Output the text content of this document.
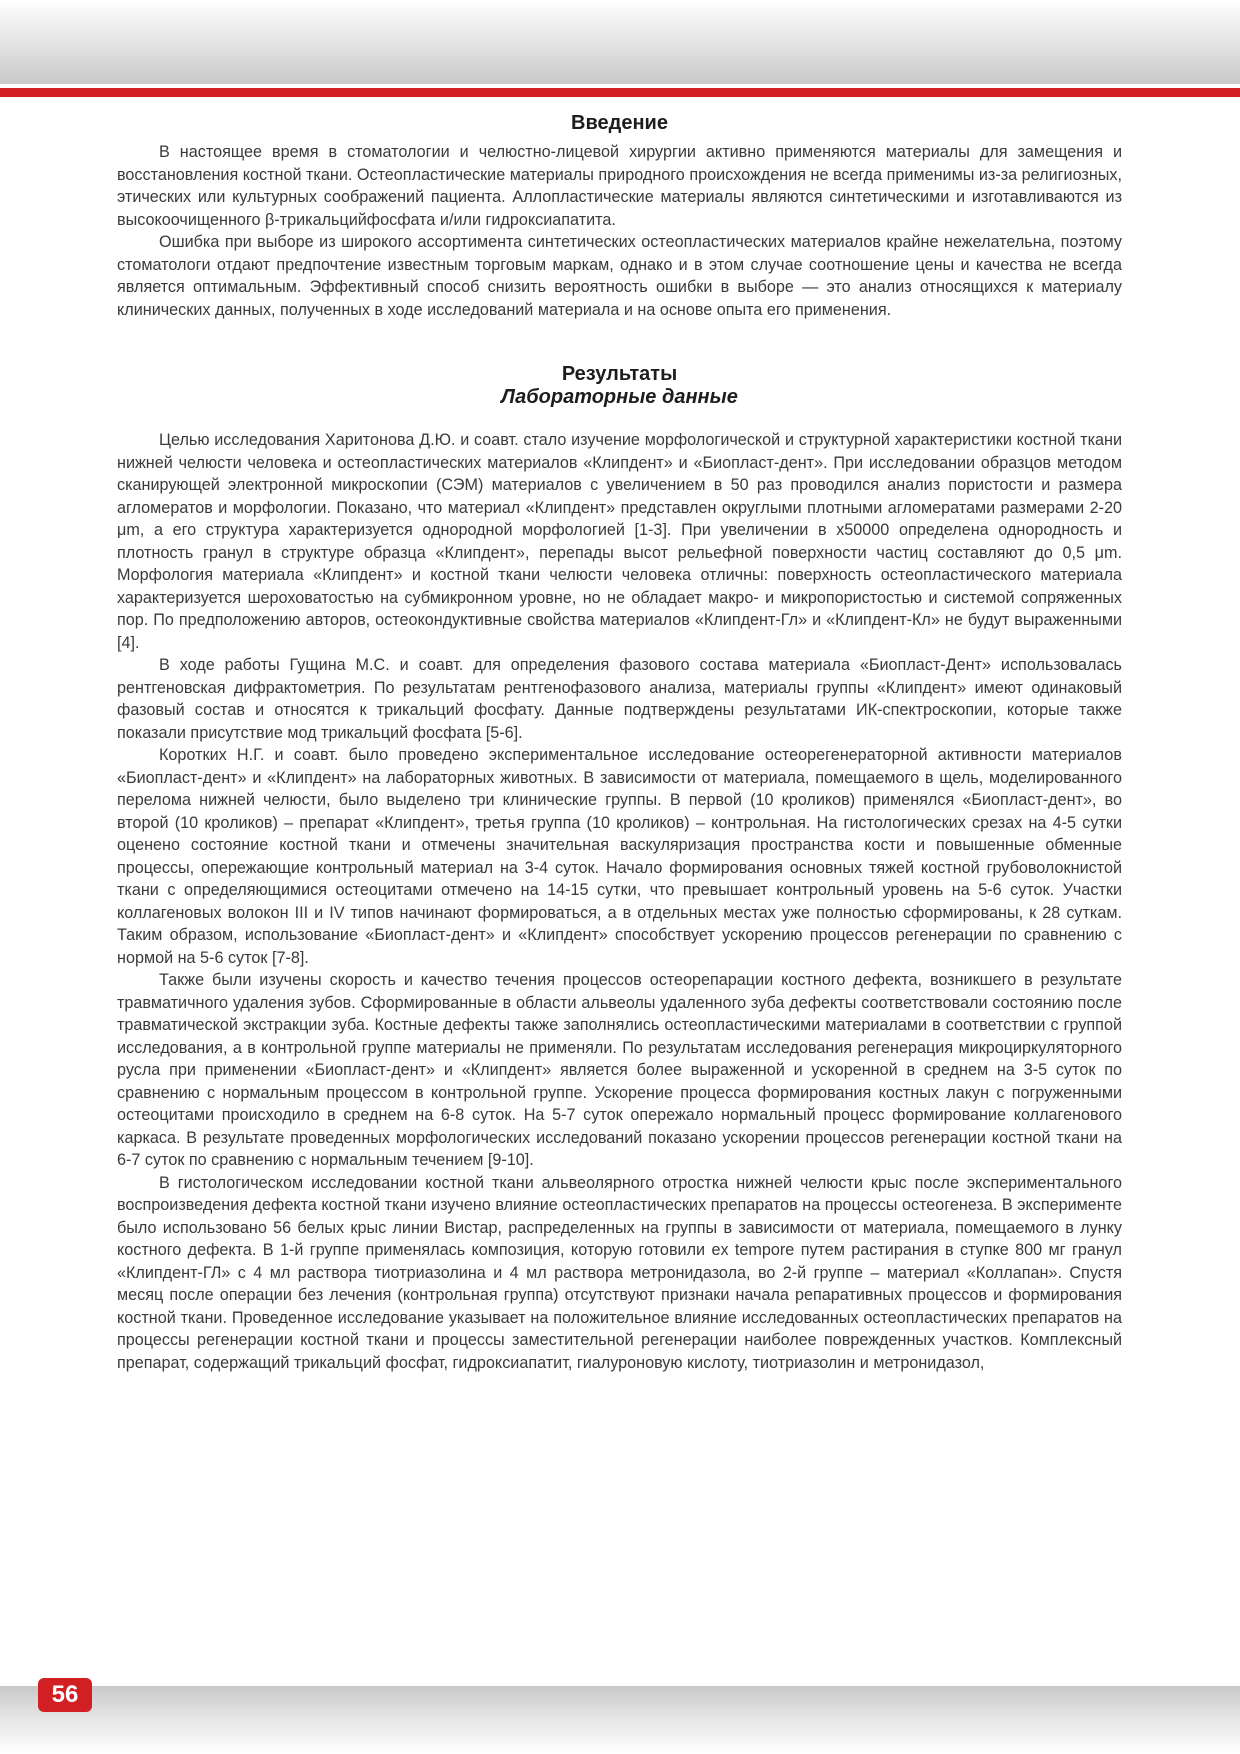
Введение

В настоящее время в стоматологии и челюстно-лицевой хирургии активно применяются материалы для замещения и восстановления костной ткани. Остеопластические материалы природного происхождения не всегда применимы из-за религиозных, этических или культурных соображений пациента. Аллопластические материалы являются синтетическими и изготавливаются из высокоочищенного β-трикальцийфосфата и/или гидроксиапатита.

Ошибка при выборе из широкого ассортимента синтетических остеопластических материалов крайне нежелательна, поэтому стоматологи отдают предпочтение известным торговым маркам, однако и в этом случае соотношение цены и качества не всегда является оптимальным. Эффективный способ снизить вероятность ошибки в выборе — это анализ относящихся к материалу клинических данных, полученных в ходе исследований материала и на основе опыта его применения.

Результаты
Лабораторные данные

Целью исследования Харитонова Д.Ю. и соавт. стало изучение морфологической и структурной характеристики костной ткани нижней челюсти человека и остеопластических материалов «Клипдент» и «Биопласт-дент». При исследовании образцов методом сканирующей электронной микроскопии (СЭМ) материалов с увеличением в 50 раз проводился анализ пористости и размера агломератов и морфологии. Показано, что материал «Клипдент» представлен округлыми плотными агломератами размерами 2-20 μm, а его структура характеризуется однородной морфологией [1-3]. При увеличении в х50000 определена однородность и плотность гранул в структуре образца «Клипдент», перепады высот рельефной поверхности частиц составляют до 0,5 μm. Морфология материала «Клипдент» и костной ткани челюсти человека отличны: поверхность остеопластического материала характеризуется шероховатостью на субмикронном уровне, но не обладает макро- и микропористостью и системой сопряженных пор. По предположению авторов, остеокондуктивные свойства материалов «Клипдент-Гл» и «Клипдент-Кл» не будут выраженными [4].

В ходе работы Гущина М.С. и соавт. для определения фазового состава материала «Биопласт-Дент» использовалась рентгеновская дифрактометрия. По результатам рентгенофазового анализа, материалы группы «Клипдент» имеют одинаковый фазовый состав и относятся к трикальций фосфату. Данные подтверждены результатами ИК-спектроскопии, которые также показали присутствие мод трикальций фосфата [5-6].

Коротких Н.Г. и соавт. было проведено экспериментальное исследование остеорегенераторной активности материалов «Биопласт-дент» и «Клипдент» на лабораторных животных. В зависимости от материала, помещаемого в щель, моделированного перелома нижней челюсти, было выделено три клинические группы. В первой (10 кроликов) применялся «Биопласт-дент», во второй (10 кроликов) – препарат «Клипдент», третья группа (10 кроликов) – контрольная. На гистологических срезах на 4-5 сутки оценено состояние костной ткани и отмечены значительная васкуляризация пространства кости и повышенные обменные процессы, опережающие контрольный материал на 3-4 суток. Начало формирования основных тяжей костной грубоволокнистой ткани с определяющимися остеоцитами отмечено на 14-15 сутки, что превышает контрольный уровень на 5-6 суток. Участки коллагеновых волокон III и IV типов начинают формироваться, а в отдельных местах уже полностью сформированы, к 28 суткам. Таким образом, использование «Биопласт-дент» и «Клипдент» способствует ускорению процессов регенерации по сравнению с нормой на 5-6 суток [7-8].

Также были изучены скорость и качество течения процессов остеорепарации костного дефекта, возникшего в результате травматичного удаления зубов. Сформированные в области альвеолы удаленного зуба дефекты соответствовали состоянию после травматической экстракции зуба. Костные дефекты также заполнялись остеопластическими материалами в соответствии с группой исследования, а в контрольной группе материалы не применяли. По результатам исследования регенерация микроциркуляторного русла при применении «Биопласт-дент» и «Клипдент» является более выраженной и ускоренной в среднем на 3-5 суток по сравнению с нормальным процессом в контрольной группе. Ускорение процесса формирования костных лакун с погруженными остеоцитами происходило в среднем на 6-8 суток. На 5-7 суток опережало нормальный процесс формирование коллагенового каркаса. В результате проведенных морфологических исследований показано ускорении процессов регенерации костной ткани на 6-7 суток по сравнению с нормальным течением [9-10].

В гистологическом исследовании костной ткани альвеолярного отростка нижней челюсти крыс после экспериментального воспроизведения дефекта костной ткани изучено влияние остеопластических препаратов на процессы остеогенеза. В эксперименте было использовано 56 белых крыс линии Вистар, распределенных на группы в зависимости от материала, помещаемого в лунку костного дефекта. В 1-й группе применялась композиция, которую готовили ex tempore путем растирания в ступке 800 мг гранул «Клипдент-ГЛ» с 4 мл раствора тиотриазолина и 4 мл раствора метронидазола, во 2-й группе – материал «Коллапан». Спустя месяц после операции без лечения (контрольная группа) отсутствуют признаки начала репаративных процессов и формирования костной ткани. Проведенное исследование указывает на положительное влияние исследованных остеопластических препаратов на процессы регенерации костной ткани и процессы заместительной регенерации наиболее поврежденных участков. Комплексный препарат, содержащий трикальций фосфат, гидроксиапатит, гиалуроновую кислоту, тиотриазолин и метронидазол,

56
